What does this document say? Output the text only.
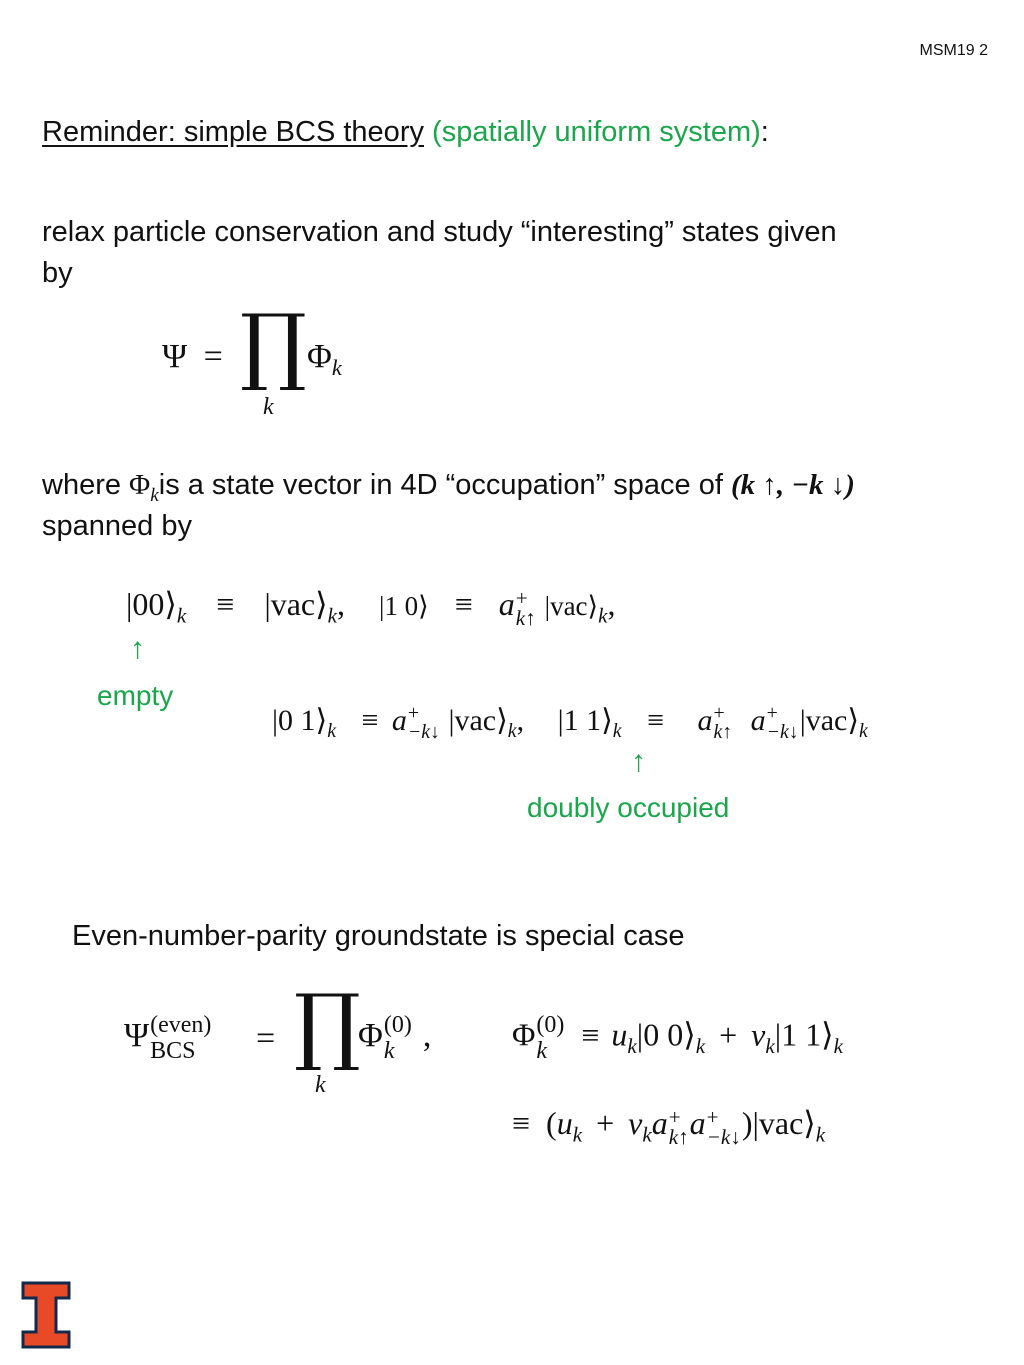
MSM19 2
Reminder: simple BCS theory (spatially uniform system):
relax particle conservation and study “interesting” states given
by
Ψ = ∏
k
$\Phi_k$
where $\Phi_kis$ a state vector in 4D “occupation” space of (k ↑, −k ↓)
spanned by
$|00⟩_k$ ≡ $|vac⟩_k$, |1 0⟩ ≡ a +
k↑ $|vac⟩_k$,
↑
empty
|0 $1⟩_k \equiv a$ +
−k↓ $|vac⟩_k$, |1 $1⟩_k \equiv a$ +
k↑ a +
−k↓ $|vac⟩_k$
↑
doubly occupied
Even-number-parity groundstate is special case
Ψ (even)
BCS	= ∏
k
Φ (0)
k ,	Φ (0)
k	≡ $u_k|0$ $0⟩_k + v_k|1$ $1⟩_k$
≡ ($u_k + v_ka$ +
k↑ a +
−k↓ )$|vac⟩_k$
